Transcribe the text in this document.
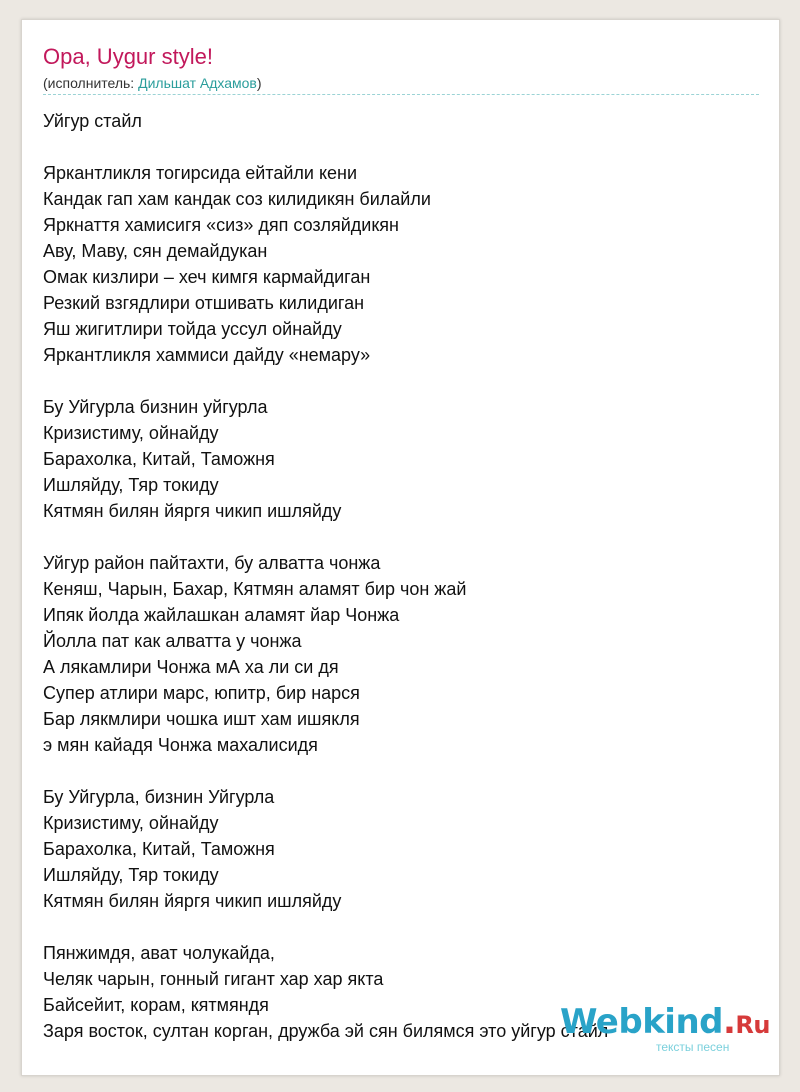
Opa, Uygur style!
(исполнитель: Дильшат Адхамов)
Уйгур стайл
Яркантликля тогирсида ейтайли кени
Кандак гап хам кандак соз килидикян билайли
Яркнаття хамисигя «сиз» дяп созляйдикян
Аву, Маву, сян демайдукан
Омак кизлири – хеч кимгя кармайдиган
Резкий взгядлири отшивать килидиган
Яш жигитлири тойда уссул ойнайду
Яркантликля хаммиси дайду «немару»
Бу Уйгурла бизнин уйгурла
Кризистиму, ойнайду
Барахолка, Китай, Таможня
Ишляйду, Тяр токиду
Кятмян билян йяргя чикип ишляйду
Уйгур район пайтахти, бу алватта чонжа
Кеняш, Чарын, Бахар, Кятмян аламят бир чон жай
Ипяк йолда жайлашкан аламят йар Чонжа
Йолла пат как алватта у чонжа
А лякамлири Чонжа мА ха ли си дя
Супер атлири марс, юпитр, бир нарся
Бар лякмлири чошка ишт хам ишякля
э мян кайадя Чонжа махалисидя
Бу Уйгурла, бизнин Уйгурла
Кризистиму, ойнайду
Барахолка, Китай, Таможня
Ишляйду, Тяр токиду
Кятмян билян йяргя чикип ишляйду
Пянжимдя, ават чолукайда,
Челяк чарын, гонный гигант хар хар якта
Байсейит, корам, кятмяндя
Заря восток, султан корган, дружба эй сян билямся это уйгур стайл
Webkind.Ru
тексты песен
